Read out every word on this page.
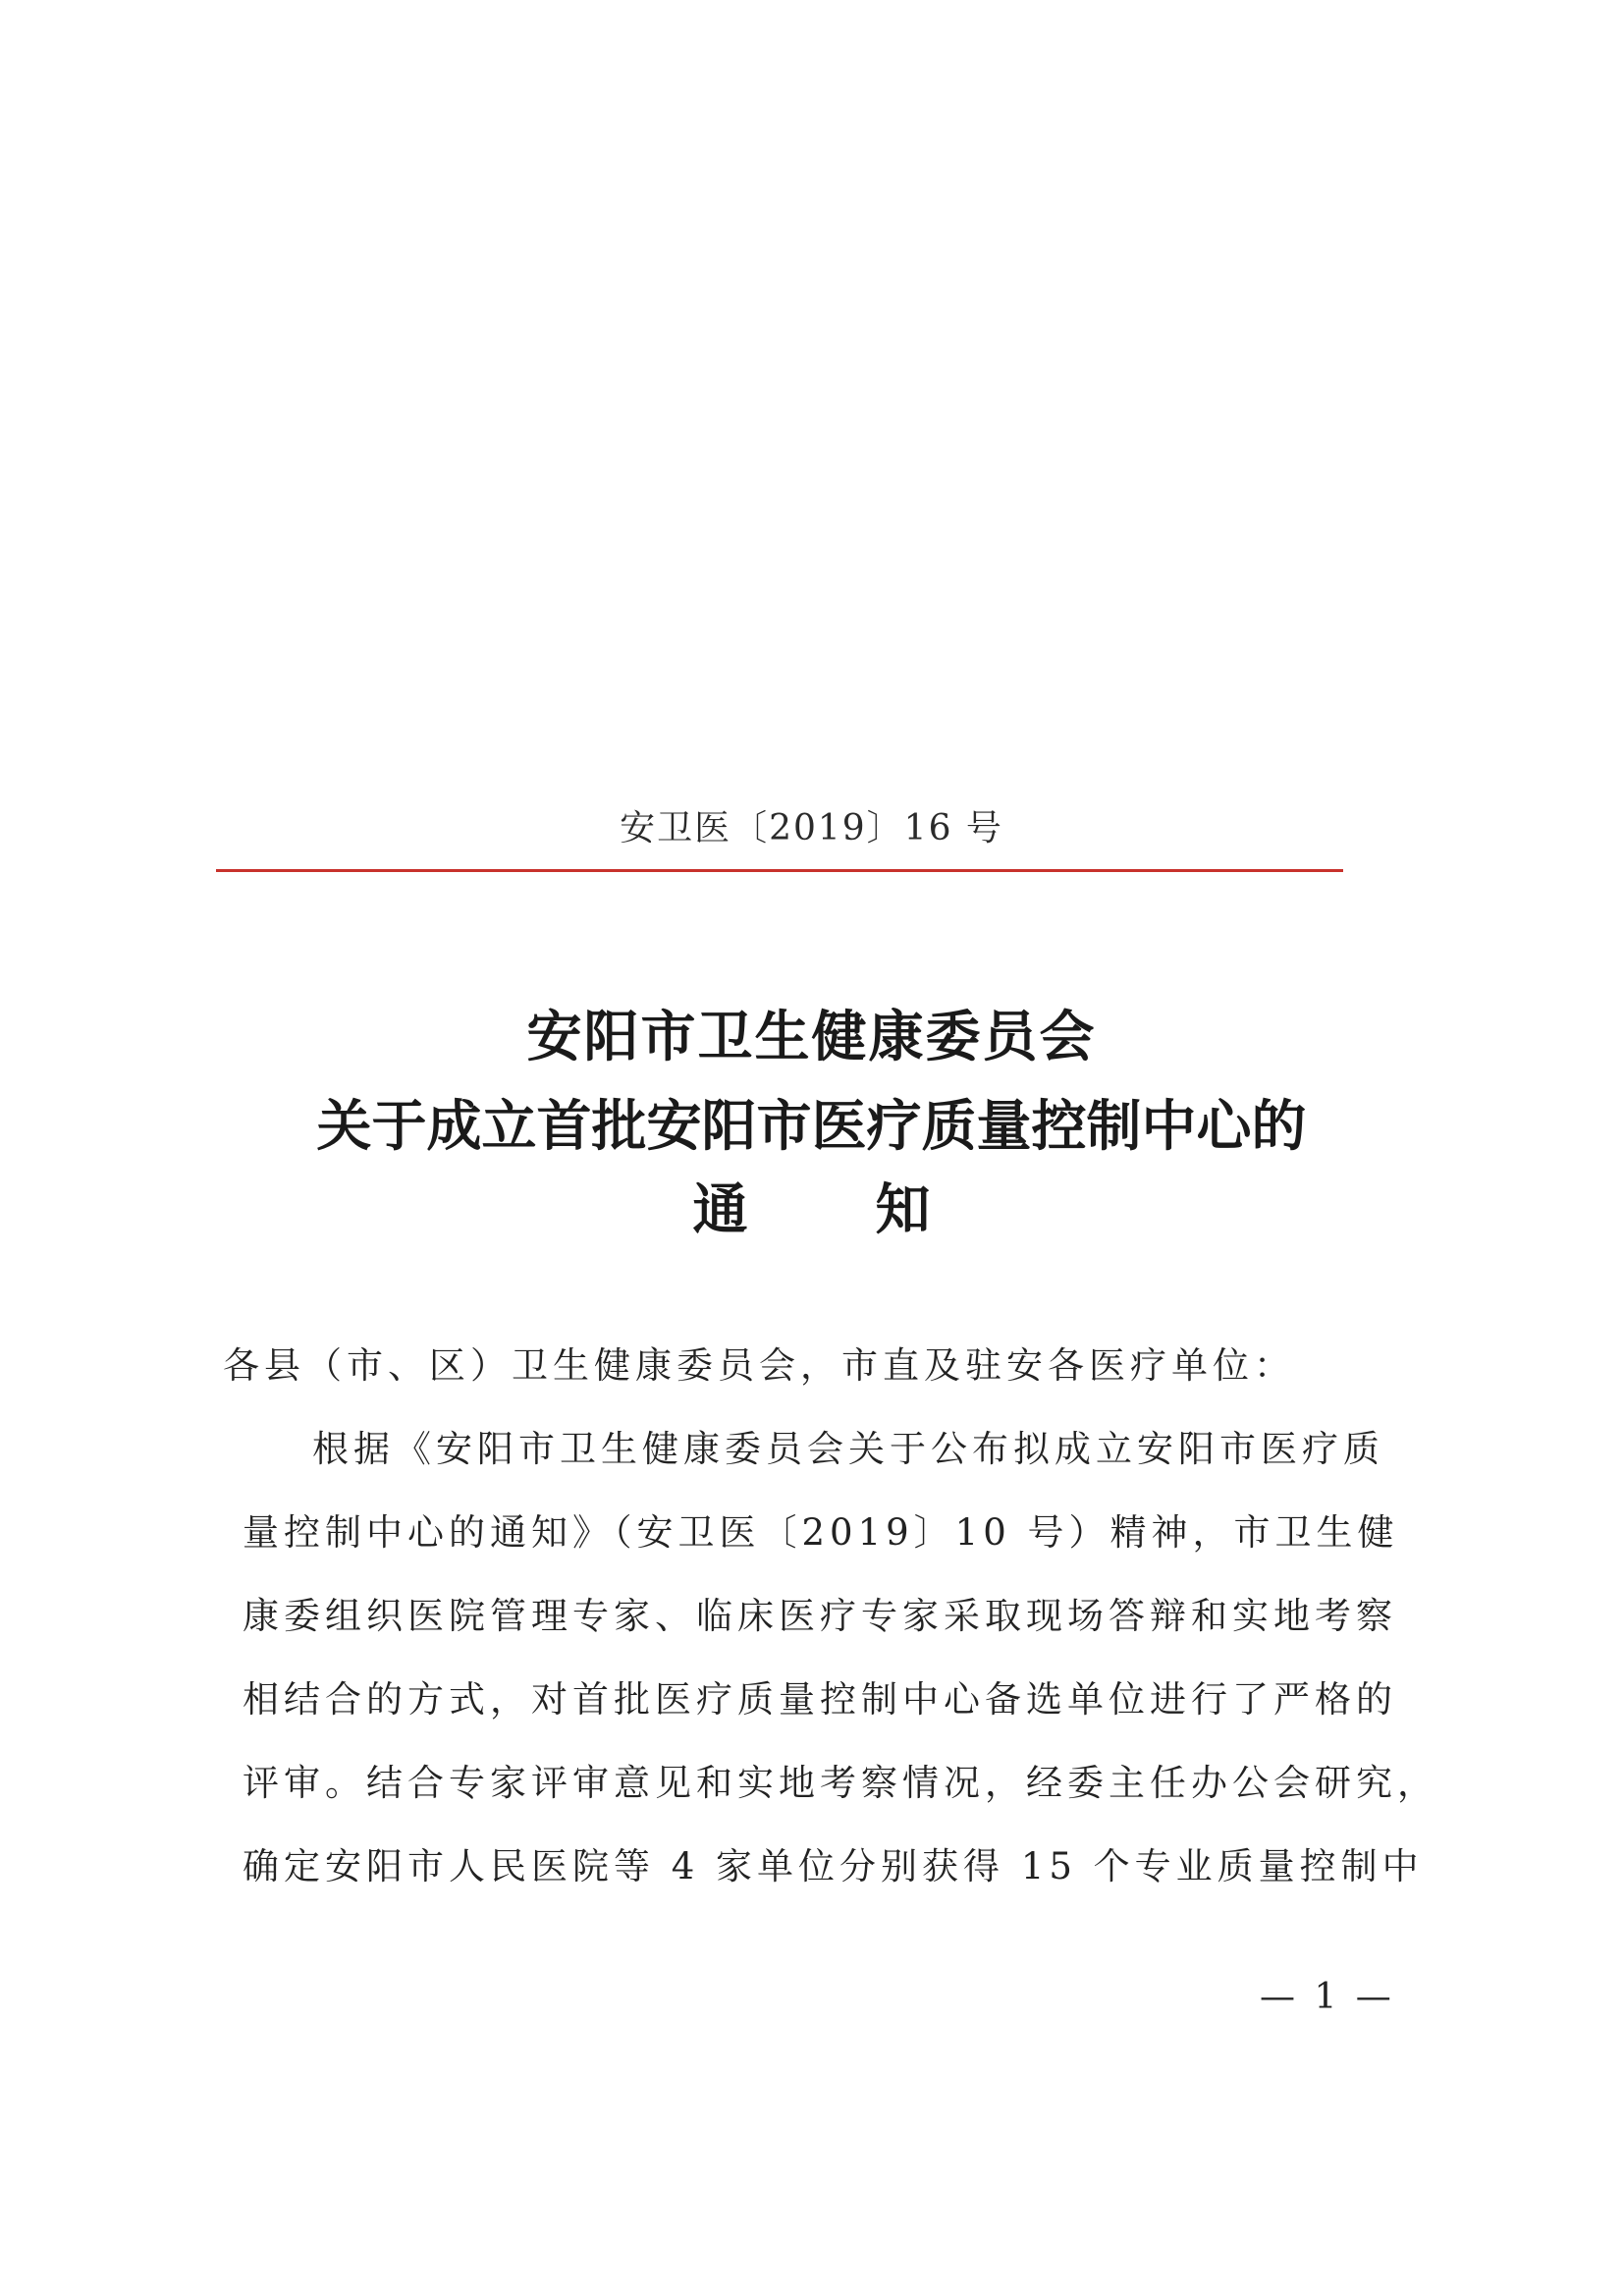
安卫医〔2019〕16 号
安阳市卫生健康委员会
关于成立首批安阳市医疗质量控制中心的
通 知
各县（市、区）卫生健康委员会，市直及驻安各医疗单位：
根据《安阳市卫生健康委员会关于公布拟成立安阳市医疗质
量控制中心的通知》（安卫医〔2019〕10 号）精神，市卫生健
康委组织医院管理专家、临床医疗专家采取现场答辩和实地考察
相结合的方式，对首批医疗质量控制中心备选单位进行了严格的
评审。结合专家评审意见和实地考察情况，经委主任办公会研究，
确定安阳市人民医院等 4 家单位分别获得 15 个专业质量控制中
— 1 —
